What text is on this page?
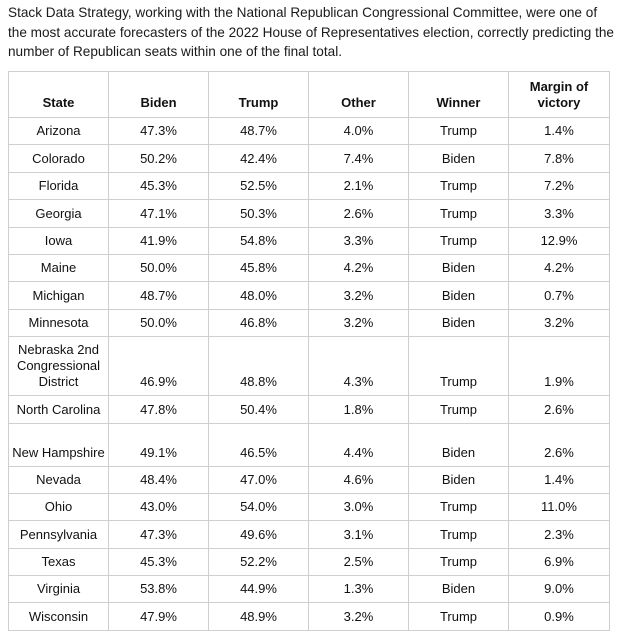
Stack Data Strategy, working with the National Republican Congressional Committee, were one of the most accurate forecasters of the 2022 House of Representatives election, correctly predicting the number of Republican seats within one of the final total.
State	Biden	Trump	Other	Winner	Margin of victory
Arizona	47.3%	48.7%	4.0%	Trump	1.4%
Colorado	50.2%	42.4%	7.4%	Biden	7.8%
Florida	45.3%	52.5%	2.1%	Trump	7.2%
Georgia	47.1%	50.3%	2.6%	Trump	3.3%
Iowa	41.9%	54.8%	3.3%	Trump	12.9%
Maine	50.0%	45.8%	4.2%	Biden	4.2%
Michigan	48.7%	48.0%	3.2%	Biden	0.7%
Minnesota	50.0%	46.8%	3.2%	Biden	3.2%
Nebraska 2nd Congressional District	46.9%	48.8%	4.3%	Trump	1.9%
North Carolina	47.8%	50.4%	1.8%	Trump	2.6%
New Hampshire	49.1%	46.5%	4.4%	Biden	2.6%
Nevada	48.4%	47.0%	4.6%	Biden	1.4%
Ohio	43.0%	54.0%	3.0%	Trump	11.0%
Pennsylvania	47.3%	49.6%	3.1%	Trump	2.3%
Texas	45.3%	52.2%	2.5%	Trump	6.9%
Virginia	53.8%	44.9%	1.3%	Biden	9.0%
Wisconsin	47.9%	48.9%	3.2%	Trump	0.9%
